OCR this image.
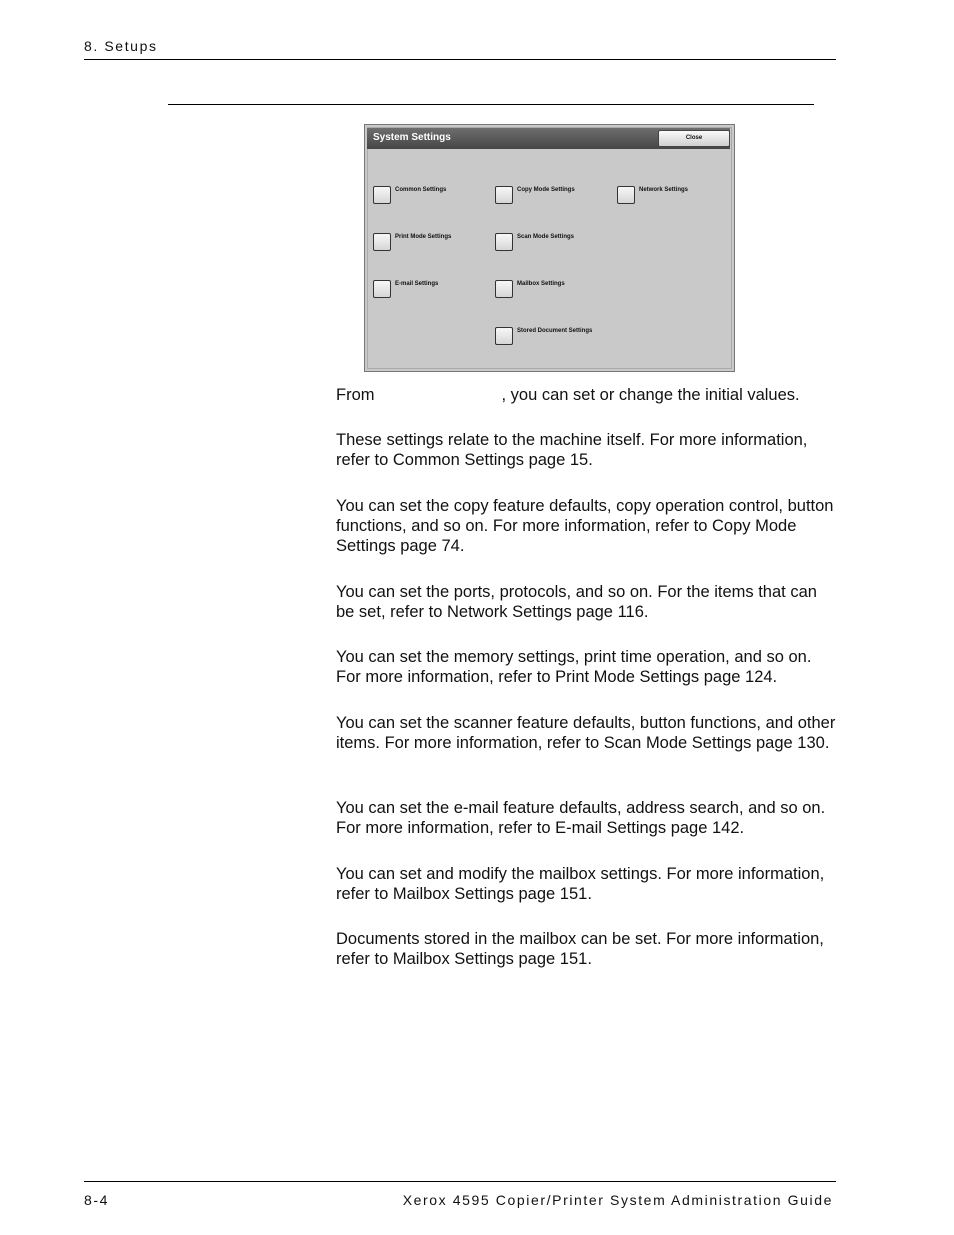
8. Setups
System Settings	Close
Common Settings	Copy Mode Settings	Network Settings
Print Mode Settings	Scan Mode Settings
E-mail Settings	Mailbox Settings
Stored Document Settings

From	, you can set or change the initial values.

These settings relate to the machine itself. For more information, refer to Common Settings page 15.

You can set the copy feature defaults, copy operation control, button functions, and so on. For more information, refer to Copy Mode Settings page 74.

You can set the ports, protocols, and so on. For the items that can be set, refer to Network Settings page 116.

You can set the memory settings, print time operation, and so on. For more information, refer to Print Mode Settings page 124.

You can set the scanner feature defaults, button functions, and other items. For more information, refer to Scan Mode Settings page 130.

You can set the e-mail feature defaults, address search, and so on. For more information, refer to E-mail Settings page 142.

You can set and modify the mailbox settings. For more information, refer to Mailbox Settings page 151.

Documents stored in the mailbox can be set. For more information, refer to Mailbox Settings page 151.

8-4	Xerox 4595 Copier/Printer System Administration Guide
